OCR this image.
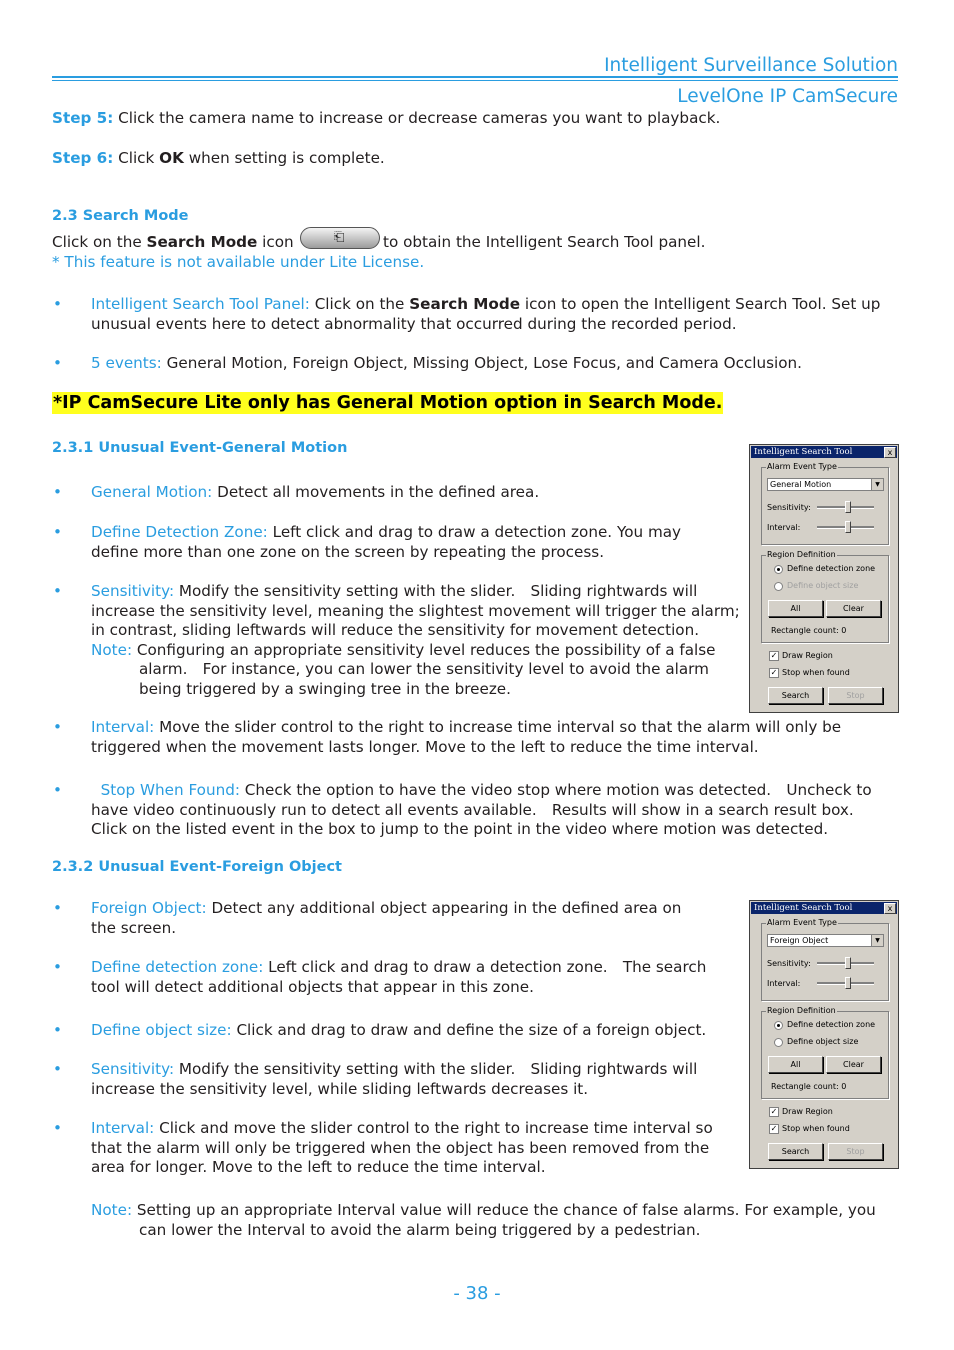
Intelligent Surveillance Solution
LevelOne IP CamSecure
Step 5: Click the camera name to increase or decrease cameras you want to playback.
Step 6: Click OK when setting is complete.
2.3 Search Mode
Click on the Search Mode icon	⎗	to obtain the Intelligent Search Tool panel.
* This feature is not available under Lite License.
• Intelligent Search Tool Panel: Click on the Search Mode icon to open the Intelligent Search Tool. Set up
unusual events here to detect abnormality that occurred during the recorded period.
• 5 events: General Motion, Foreign Object, Missing Object, Lose Focus, and Camera Occlusion.
*IP CamSecure Lite only has General Motion option in Search Mode.
2.3.1 Unusual Event-General Motion
• General Motion: Detect all movements in the defined area.
• Define Detection Zone: Left click and drag to draw a detection zone. You may
define more than one zone on the screen by repeating the process.
• Sensitivity: Modify the sensitivity setting with the slider.　Sliding rightwards will
increase the sensitivity level, meaning the slightest movement will trigger the alarm;
in contrast, sliding leftwards will reduce the sensitivity for movement detection.
Note: Configuring an appropriate sensitivity level reduces the possibility of a false
alarm.　For instance, you can lower the sensitivity level to avoid the alarm
being triggered by a swinging tree in the breeze.
• Interval: Move the slider control to the right to increase time interval so that the alarm will only be
triggered when the movement lasts longer. Move to the left to reduce the time interval.
•	Stop When Found: Check the option to have the video stop where motion was detected.　Uncheck to
have video continuously run to detect all events available.　Results will show in a search result box.
Click on the listed event in the box to jump to the point in the video where motion was detected.
2.3.2 Unusual Event-Foreign Object
• Foreign Object: Detect any additional object appearing in the defined area on
the screen.
• Define detection zone: Left click and drag to draw a detection zone.　The search
tool will detect additional objects that appear in this zone.
• Define object size: Click and drag to draw and define the size of a foreign object.
• Sensitivity: Modify the sensitivity setting with the slider.　Sliding rightwards will
increase the sensitivity level, while sliding leftwards decreases it.
• Interval: Click and move the slider control to the right to increase time interval so
that the alarm will only be triggered when the object has been removed from the
area for longer. Move to the left to reduce the time interval.
Note: Setting up an appropriate Interval value will reduce the chance of false alarms. For example, you
can lower the Interval to avoid the alarm being triggered by a pedestrian.
Intelligent Search Tool	x
Alarm Event Type
General Motion	▼
Sensitivity:
Interval:
Region Definition
Define detection zone
Define object size
All	Clear
Rectangle count: 0
✓ Draw Region
✓ Stop when found
Search	Stop
Intelligent Search Tool	x
Alarm Event Type
Foreign Object	▼
Sensitivity:
Interval:
Region Definition
Define detection zone
Define object size
All	Clear
Rectangle count: 0
✓ Draw Region
✓ Stop when found
Search	Stop
- 38 -
